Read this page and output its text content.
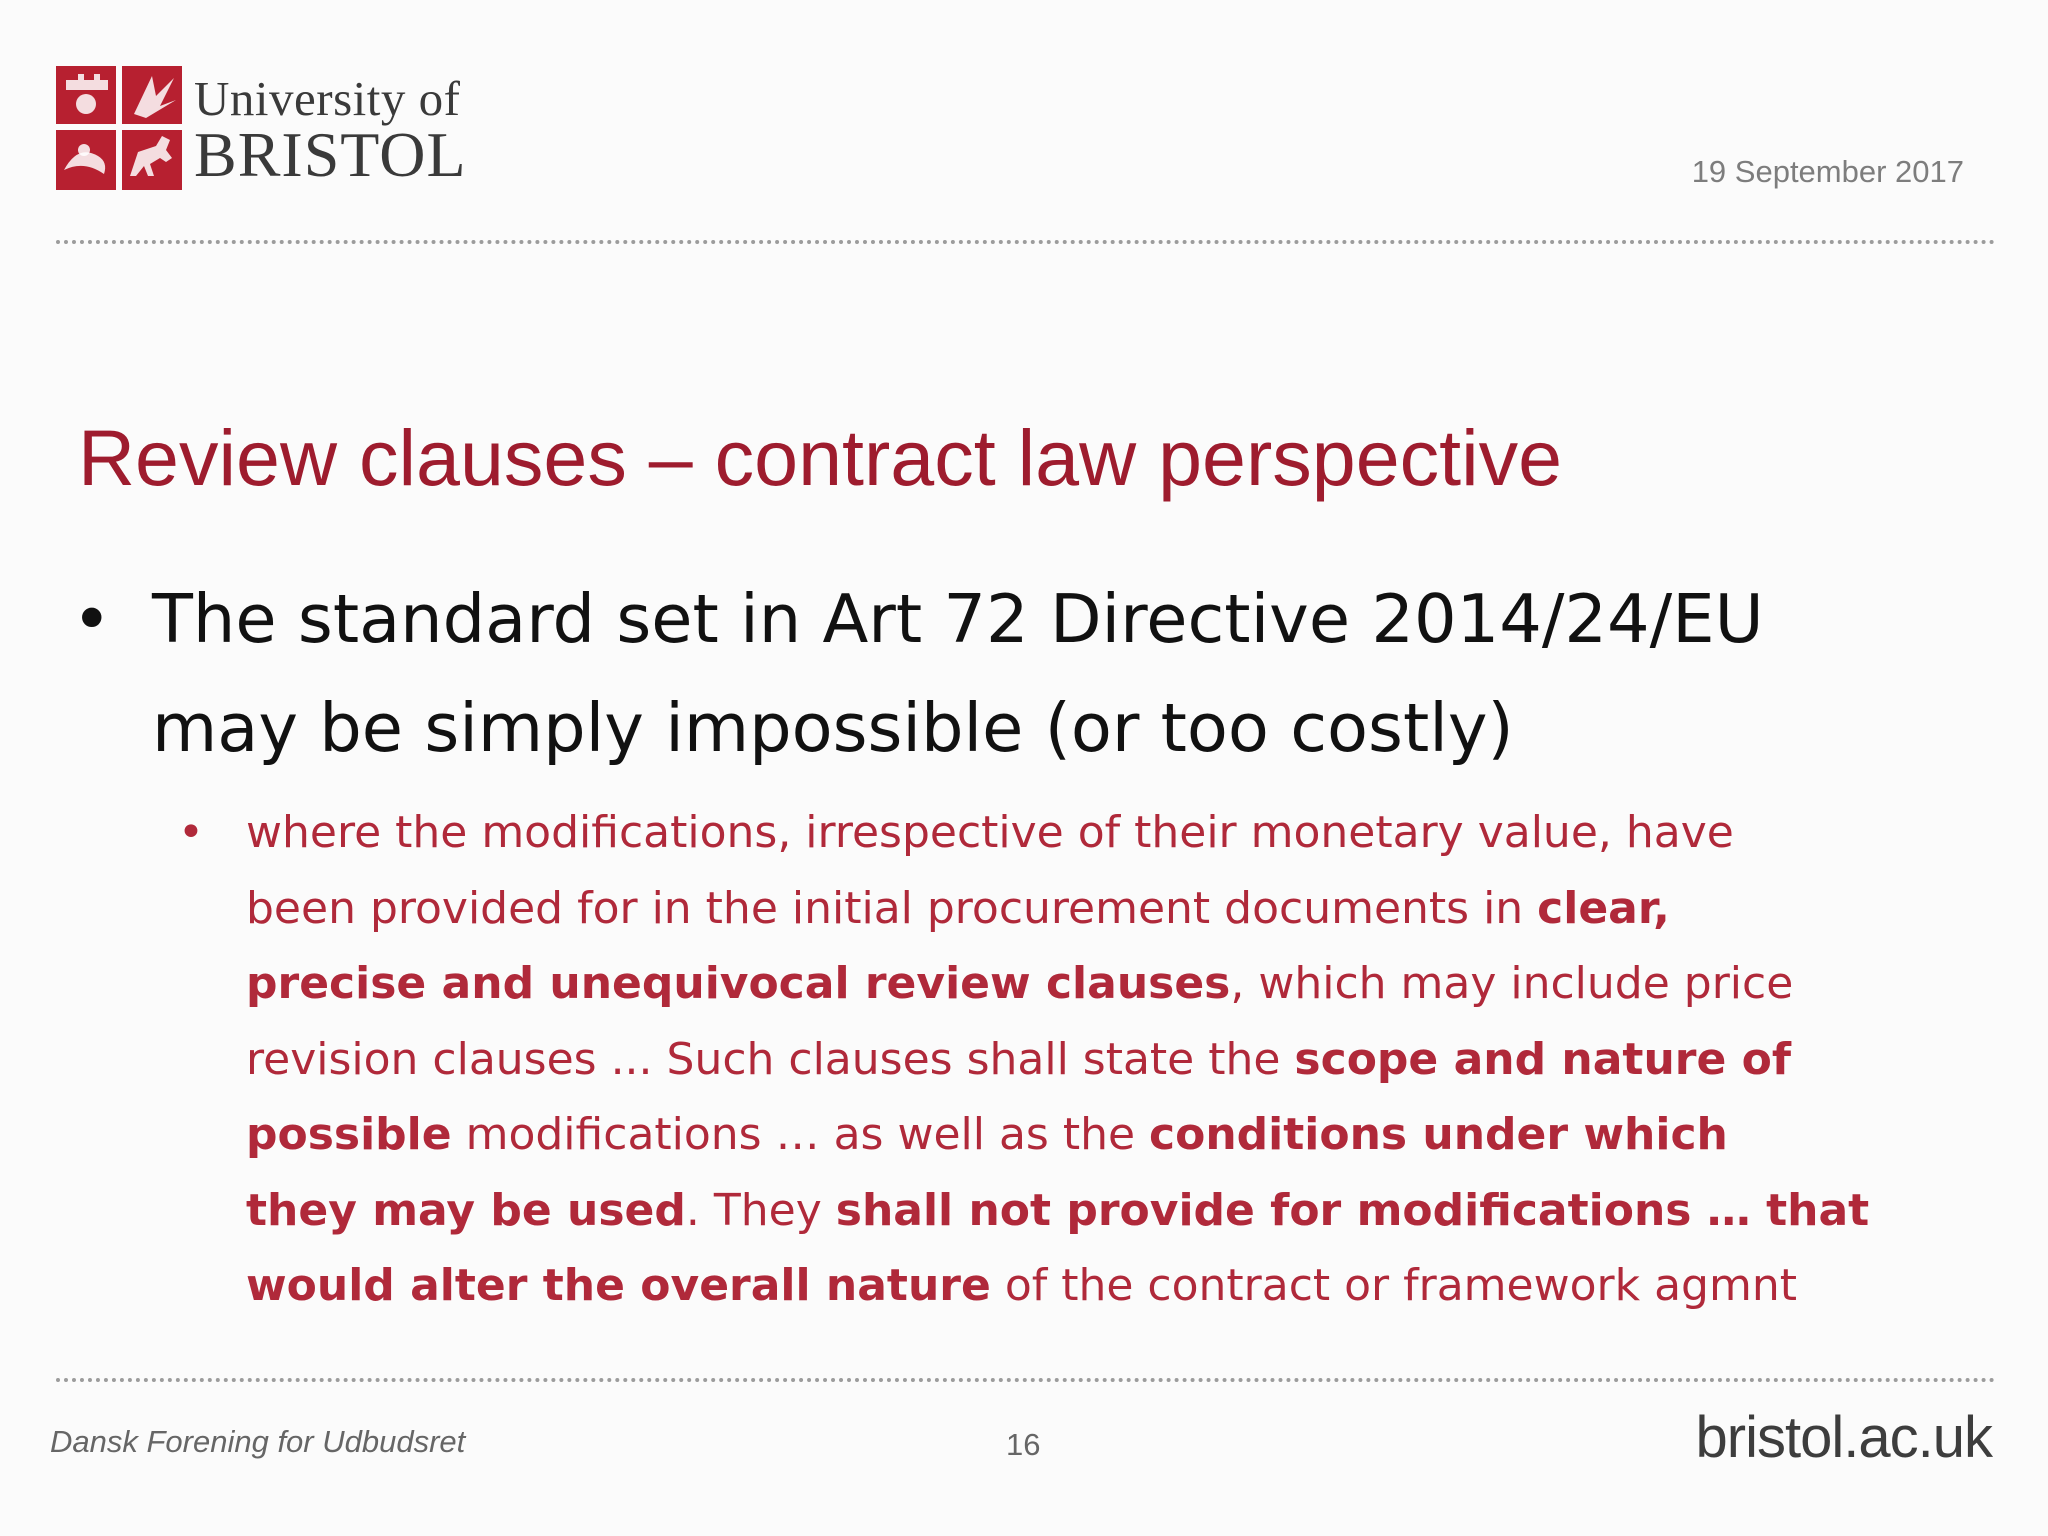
University of
BRISTOL	19 September 2017
Review clauses – contract law perspective
• The standard set in Art 72 Directive 2014/24/EU
may be simply impossible (or too costly)
• where the modifications, irrespective of their monetary value, have
been provided for in the initial procurement documents in clear,
precise and unequivocal review clauses, which may include price
revision clauses ... Such clauses shall state the scope and nature of
possible modifications … as well as the conditions under which
they may be used. They shall not provide for modifications … that
would alter the overall nature of the contract or framework agmnt
Dansk Forening for Udbudsret	16	bristol.ac.uk
